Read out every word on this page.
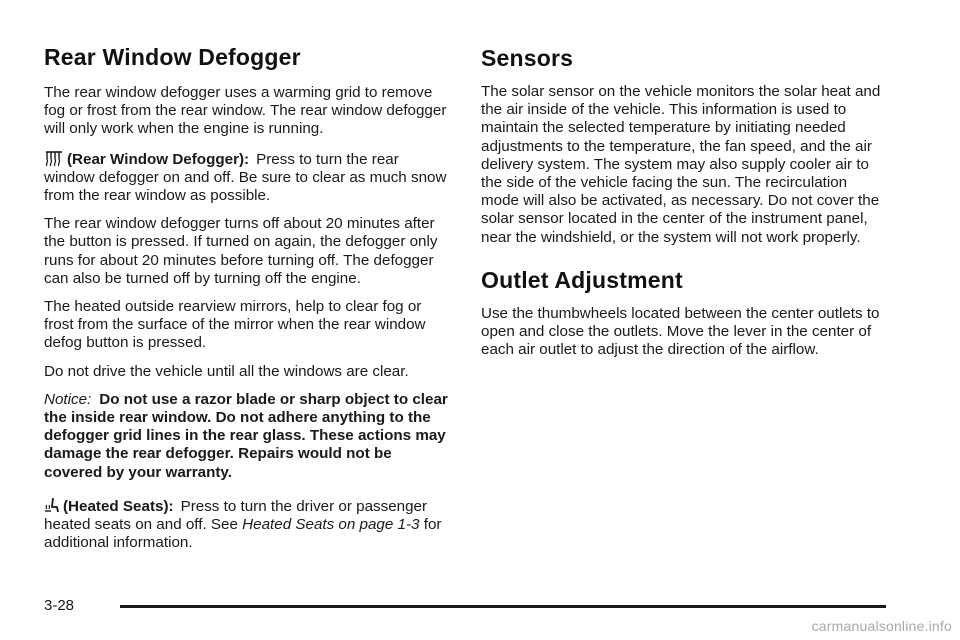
Rear Window Defogger

The rear window defogger uses a warming grid to remove fog or frost from the rear window. The rear window defogger will only work when the engine is running.

(Rear Window Defogger): Press to turn the rear window defogger on and off. Be sure to clear as much snow from the rear window as possible.

The rear window defogger turns off about 20 minutes after the button is pressed. If turned on again, the defogger only runs for about 20 minutes before turning off. The defogger can also be turned off by turning off the engine.

The heated outside rearview mirrors, help to clear fog or frost from the surface of the mirror when the rear window defog button is pressed.

Do not drive the vehicle until all the windows are clear.

Notice: Do not use a razor blade or sharp object to clear the inside rear window. Do not adhere anything to the defogger grid lines in the rear glass. These actions may damage the rear defogger. Repairs would not be covered by your warranty.

(Heated Seats): Press to turn the driver or passenger heated seats on and off. See Heated Seats on page 1-3 for additional information.

Sensors

The solar sensor on the vehicle monitors the solar heat and the air inside of the vehicle. This information is used to maintain the selected temperature by initiating needed adjustments to the temperature, the fan speed, and the air delivery system. The system may also supply cooler air to the side of the vehicle facing the sun. The recirculation mode will also be activated, as necessary. Do not cover the solar sensor located in the center of the instrument panel, near the windshield, or the system will not work properly.

Outlet Adjustment

Use the thumbwheels located between the center outlets to open and close the outlets. Move the lever in the center of each air outlet to adjust the direction of the airflow.

3-28
carmanualsonline.info
